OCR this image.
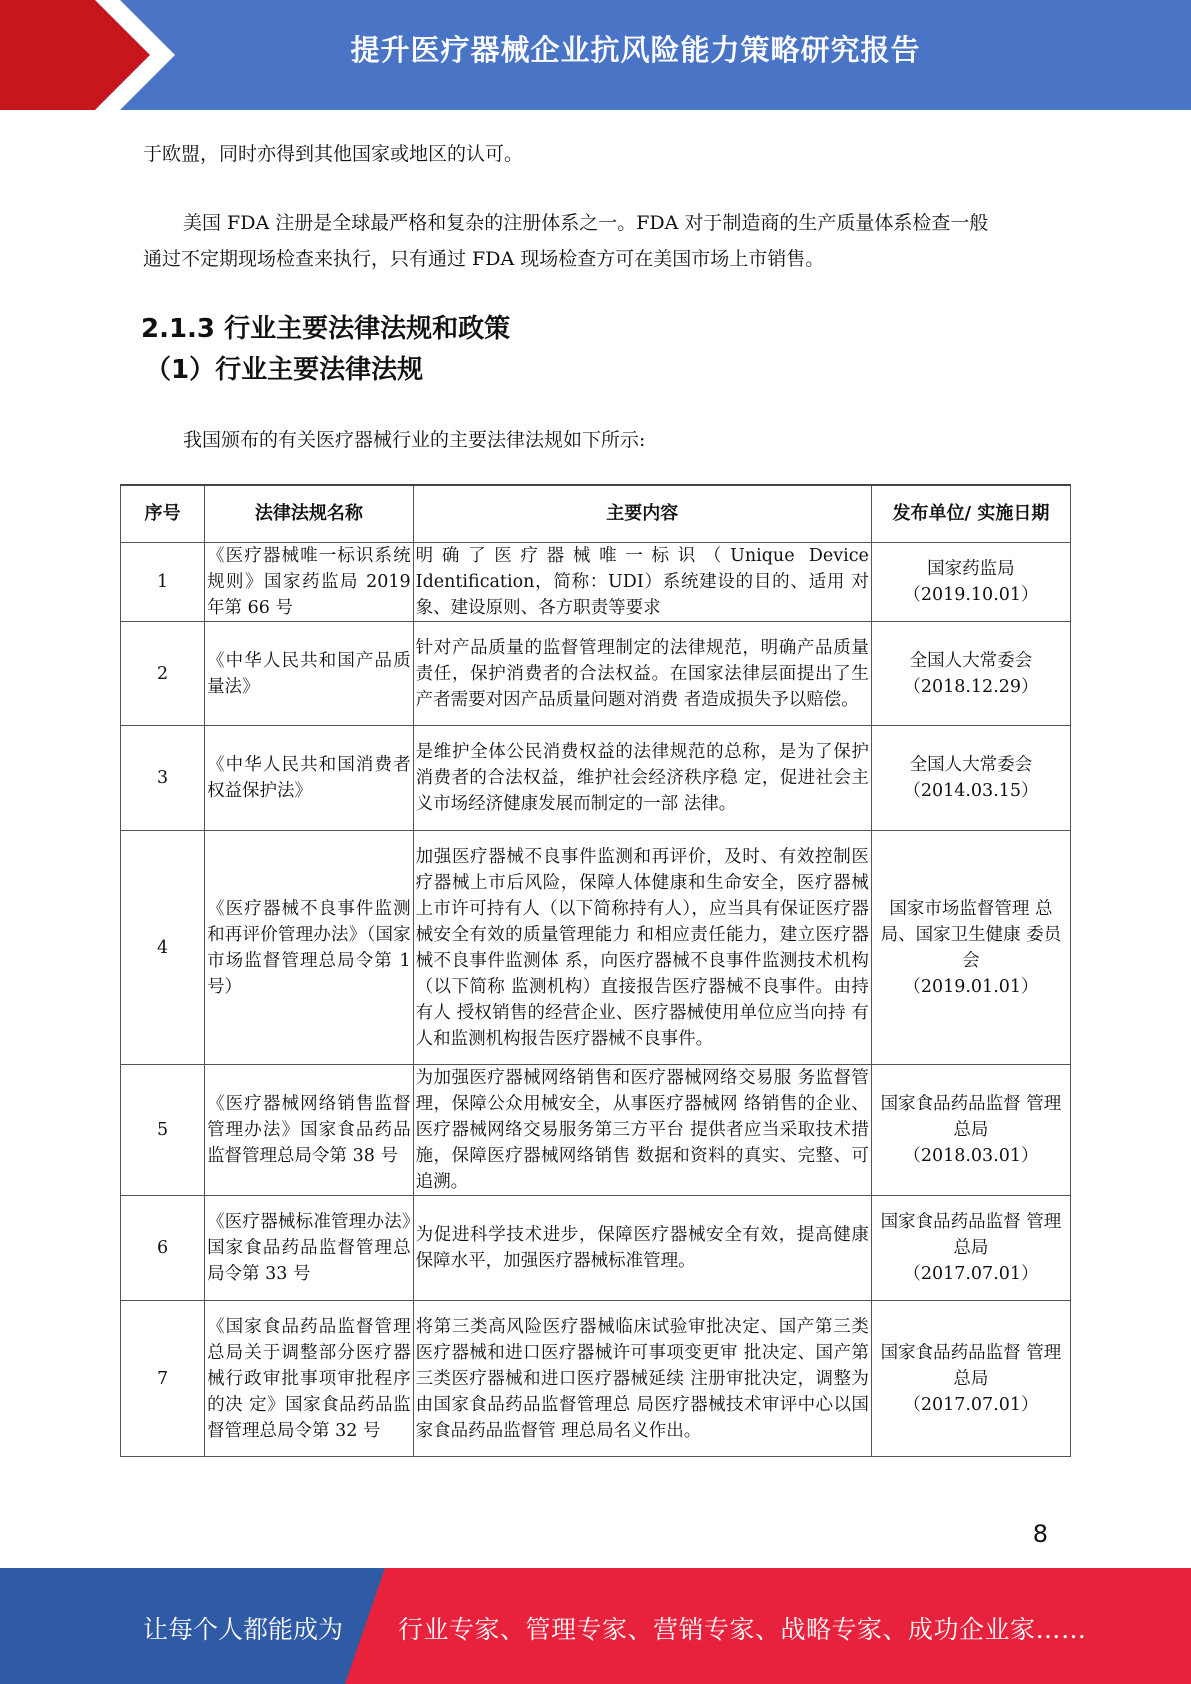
提升医疗器械企业抗风险能力策略研究报告
于欧盟，同时亦得到其他国家或地区的认可。
美国 FDA 注册是全球最严格和复杂的注册体系之一。FDA 对于制造商的生产质量体系检查一般
通过不定期现场检查来执行，只有通过 FDA 现场检查方可在美国市场上市销售。
2.1.3 行业主要法律法规和政策
（1）行业主要法律法规
我国颁布的有关医疗器械行业的主要法律法规如下所示:
序号	法律法规名称	主要内容	发布单位/ 实施日期
1	《医疗器械唯一标识系统规则》国家药监局 2019 年第 66 号	明确了医疗器械唯一标识（Unique Device Identification，简称：UDI）系统建设的目的、适用 对象、建设原则、各方职责等要求	国家药监局
（2019.10.01）

2	《中华人民共和国产品质量法》	针对产品质量的监督管理制定的法律规范，明确产品质量责任，保护消费者的合法权益。在国家法律层面提出了生产者需要对因产品质量问题对消费 者造成损失予以赔偿。	全国人大常委会
（2018.12.29）

3	《中华人民共和国消费者权益保护法》	是维护全体公民消费权益的法律规范的总称，是为了保护消费者的合法权益，维护社会经济秩序稳 定，促进社会主义市场经济健康发展而制定的一部 法律。	全国人大常委会
（2014.03.15）

4	《医疗器械不良事件监测和再评价管理办法》（国家市场监督管理总局令第 1 号）	加强医疗器械不良事件监测和再评价，及时、有效控制医疗器械上市后风险，保障人体健康和生命安全，医疗器械上市许可持有人（以下简称持有人），应当具有保证医疗器械安全有效的质量管理能力 和相应责任能力，建立医疗器械不良事件监测体 系，向医疗器械不良事件监测技术机构（以下简称 监测机构）直接报告医疗器械不良事件。由持有人 授权销售的经营企业、医疗器械使用单位应当向持 有人和监测机构报告医疗器械不良事件。	国家市场监督管理 总局、国家卫生健康 委员会
（2019.01.01）

5	《医疗器械网络销售监督管理办法》国家食品药品监督管理总局令第 38 号	为加强医疗器械网络销售和医疗器械网络交易服 务监督管理，保障公众用械安全，从事医疗器械网 络销售的企业、医疗器械网络交易服务第三方平台 提供者应当采取技术措施，保障医疗器械网络销售 数据和资料的真实、完整、可追溯。	国家食品药品监督 管理总局
（2018.03.01）

6	《医疗器械标准管理办法》国家食品药品监督管理总局令第 33 号	为促进科学技术进步，保障医疗器械安全有效，提高健康保障水平，加强医疗器械标准管理。	国家食品药品监督 管理总局
（2017.07.01）

7	《国家食品药品监督管理总局关于调整部分医疗器械行政审批事项审批程序的决 定》国家食品药品监 督管理总局令第 32 号	将第三类高风险医疗器械临床试验审批决定、国产第三类医疗器械和进口医疗器械许可事项变更审 批决定、国产第三类医疗器械和进口医疗器械延续 注册审批决定，调整为由国家食品药品监督管理总 局医疗器械技术审评中心以国家食品药品监督管 理总局名义作出。	国家食品药品监督 管理总局
（2017.07.01）
8
让每个人都能成为 行业专家、管理专家、营销专家、战略专家、成功企业家……
